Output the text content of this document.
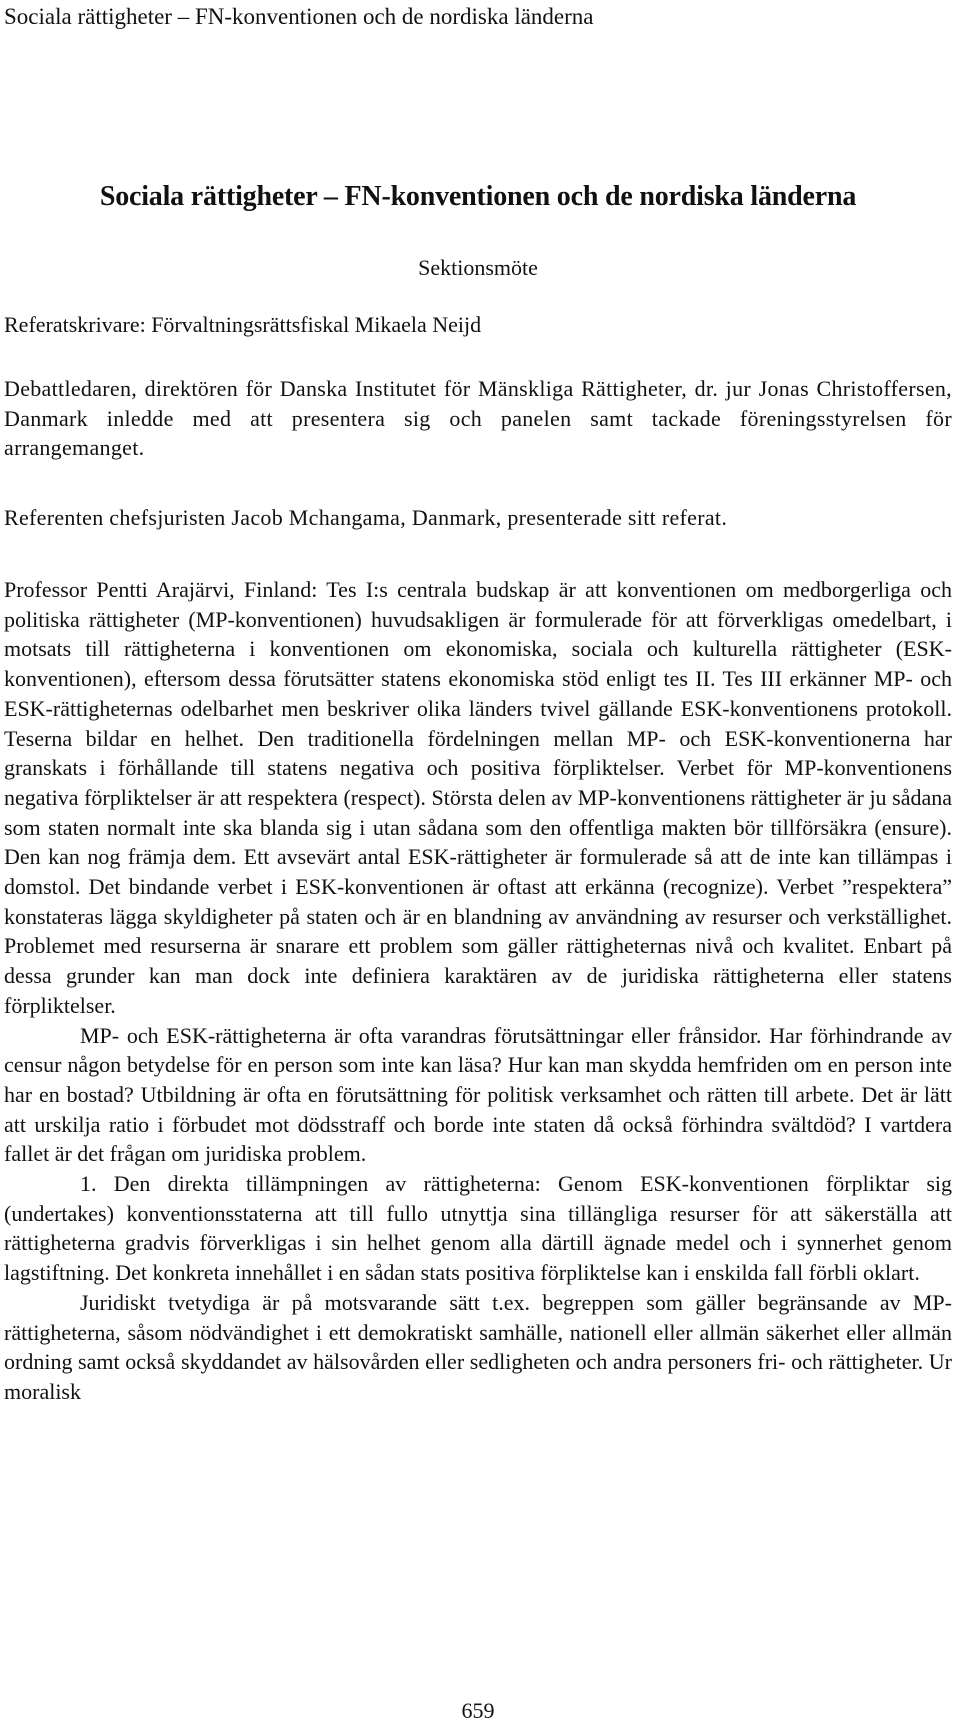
Sociala rättigheter – FN-konventionen och de nordiska länderna
Sociala rättigheter – FN-konventionen och de nordiska länderna
Sektionsmöte
Referatskrivare: Förvaltningsrättsfiskal Mikaela Neijd

Debattledaren, direktören för Danska Institutet för Mänskliga Rättigheter, dr. jur Jonas Christoffersen, Danmark inledde med att presentera sig och panelen samt tackade föreningsstyrelsen för arrangemanget.

Referenten chefsjuristen Jacob Mchangama, Danmark, presenterade sitt referat.

Professor Pentti Arajärvi, Finland: Tes I:s centrala budskap är att konventionen om medborgerliga och politiska rättigheter (MP-konventionen) huvudsakligen är formulerade för att förverkligas omedelbart, i motsats till rättigheterna i konventionen om ekonomiska, sociala och kulturella rättigheter (ESK-konventionen), eftersom dessa förutsätter statens ekonomiska stöd enligt tes II. Tes III erkänner MP- och ESK-rättigheternas odelbarhet men beskriver olika länders tvivel gällande ESK-konventionens protokoll. Teserna bildar en helhet. Den traditionella fördelningen mellan MP- och ESK-konventionerna har granskats i förhållande till statens negativa och positiva förpliktelser. Verbet för MP-konventionens negativa förpliktelser är att respektera (respect). Största delen av MP-konventionens rättigheter är ju sådana som staten normalt inte ska blanda sig i utan sådana som den offentliga makten bör tillförsäkra (ensure). Den kan nog främja dem. Ett avsevärt antal ESK-rättigheter är formulerade så att de inte kan tillämpas i domstol. Det bindande verbet i ESK-konventionen är oftast att erkänna (recognize). Verbet ”respektera” konstateras lägga skyldigheter på staten och är en blandning av användning av resurser och verkställighet. Problemet med resurserna är snarare ett problem som gäller rättigheternas nivå och kvalitet. Enbart på dessa grunder kan man dock inte definiera karaktären av de juridiska rättigheterna eller statens förpliktelser.

MP- och ESK-rättigheterna är ofta varandras förutsättningar eller frånsidor. Har förhindrande av censur någon betydelse för en person som inte kan läsa? Hur kan man skydda hemfriden om en person inte har en bostad? Utbildning är ofta en förutsättning för politisk verksamhet och rätten till arbete. Det är lätt att urskilja ratio i förbudet mot dödsstraff och borde inte staten då också förhindra svältdöd? I vartdera fallet är det frågan om juridiska problem.

1. Den direkta tillämpningen av rättigheterna: Genom ESK-konventionen förpliktar sig (undertakes) konventionsstaterna att till fullo utnyttja sina tillängliga resurser för att säkerställa att rättigheterna gradvis förverkligas i sin helhet genom alla därtill ägnade medel och i synnerhet genom lagstiftning. Det konkreta innehållet i en sådan stats positiva förpliktelse kan i enskilda fall förbli oklart.

Juridiskt tvetydiga är på motsvarande sätt t.ex. begreppen som gäller begränsande av MP-rättigheterna, såsom nödvändighet i ett demokratiskt samhälle, nationell eller allmän säkerhet eller allmän ordning samt också skyddandet av hälsovården eller sedligheten och andra personers fri- och rättigheter. Ur moralisk

659
